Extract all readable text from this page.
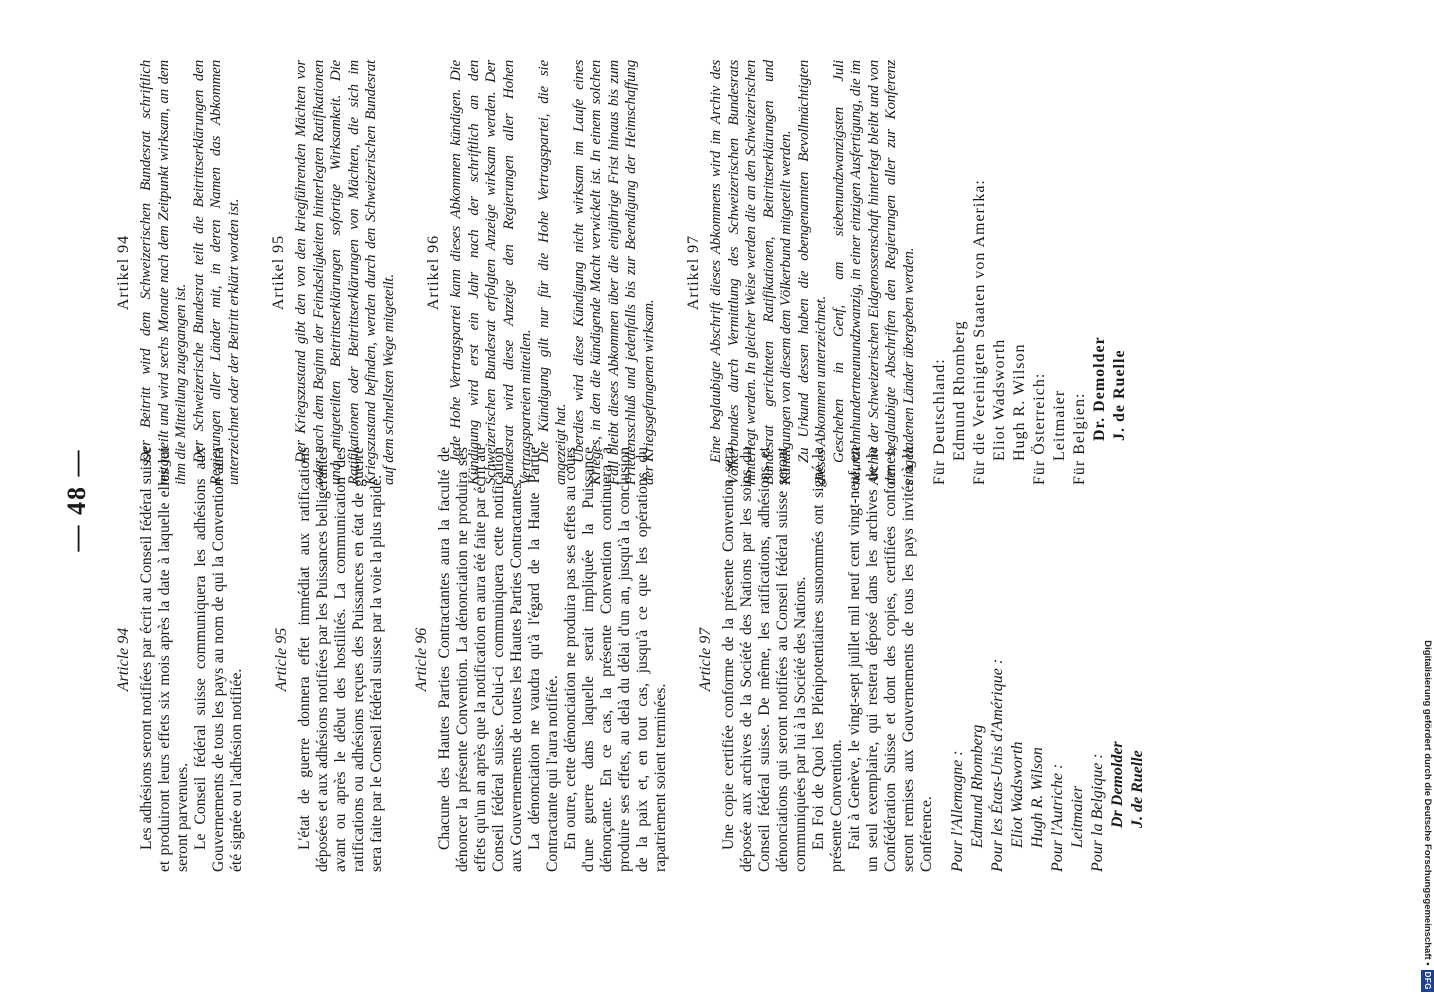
— 48 —
Article 94 Les adhésions seront notifiées par écrit au Conseil fédéral suisse et produiront leurs effets six mois après la date à laquelle elles lui seront parvenues. Le Conseil fédéral suisse communiquera les adhésions aux Gouvernements de tous les pays au nom de qui la Convention aura été signée ou l'adhésion notifiée.

Article 95 L'état de guerre donnera effet immédiat aux ratifications déposées et aux adhésions notifiées par les Puissances belligérantes avant ou après le début des hostilités. La communication des ratifications ou adhésions reçues des Puissances en état de guerre sera faite par le Conseil fédéral suisse par la voie la plus rapide. Article 96 Chacune des Hautes Parties Contractantes aura la faculté de dénoncer la présente Convention. La dénonciation ne produira ses effets qu'un an après que la notification en aura été faite par écrit au Conseil fédéral suisse. Celui-ci communiquera cette notification aux Gouvernements de toutes les Hautes Parties Contractantes. La dénonciation ne vaudra qu'à l'égard de la Haute Partie Contractante qui l'aura notifiée. En outre, cette dénonciation ne produira pas ses effets au cours d'une guerre dans laquelle serait impliquée la Puissance dénonçante. En ce cas, la présente Convention continuera à produire ses effets, au delà du délai d'un an, jusqu'à la conclusion de la paix et, en tout cas, jusqu'à ce que les opérations du rapatriement soient terminées.

Article 97 Une copie certifiée conforme de la présente Convention sera déposée aux archives de la Société des Nations par les soins du Conseil fédéral suisse. De même, les ratifications, adhésions et dénonciations qui seront notifiées au Conseil fédéral suisse seront communiquées par lui à la Société des Nations. En Foi de Quoi les Plénipotentiaires susnommés ont signé la présente Convention. Fait à Genève, le vingt-sept juillet mil neuf cent vingt-neuf, en un seul exemplaire, qui restera déposé dans les archives de la Confédération Suisse et dont des copies, certifiées conformes, seront remises aux Gouvernements de tous les pays invités à la Conférence. Pour l'Allemagne : Edmund Rhomberg Pour les États-Unis d'Amérique : Eliot Wadsworth Hugh R. Wilson Pour l'Autriche : Leitmaier Pour la Belgique : Dr Demolder J. de Ruelle
Artikel 94 Der Beitritt wird dem Schweizerischen Bundesrat schriftlich mitgeteilt und wird sechs Monate nach dem Zeitpunkt wirksam, an dem ihm die Mitteilung zugegangen ist. Der Schweizerische Bundesrat teilt die Beitrittserklärungen den Regierungen aller Länder mit, in deren Namen das Abkommen unterzeichnet oder der Beitritt erklärt worden ist. Artikel 95 Der Kriegszustand gibt den von den kriegführenden Mächten vor oder nach dem Beginn der Feindseligkeiten hinterlegten Ratifikationen und mitgeteilten Beitrittserklärungen sofortige Wirksamkeit. Die Ratifikationen oder Beitrittserklärungen von Mächten, die sich im Kriegszustand befinden, werden durch den Schweizerischen Bundesrat auf dem schnellsten Wege mitgeteilt.

Artikel 96 Jede Hohe Vertragspartei kann dieses Abkommen kündigen. Die Kündigung wird erst ein Jahr nach der schriftlich an den Schweizerischen Bundesrat erfolgten Anzeige wirksam werden. Der Bundesrat wird diese Anzeige den Regierungen aller Hohen Vertragsparteien mitteilen. Die Kündigung gilt nur für die Hohe Vertragspartei, die sie angezeigt hat. Überdies wird diese Kündigung nicht wirksam im Laufe eines Krieges, in den die kündigende Macht verwickelt ist. In einem solchen Fall bleibt dieses Abkommen über die einjährige Frist hinaus bis zum Friedensschluß und jedenfalls bis zur Beendigung der Heimschaffung der Kriegsgefangenen wirksam.

Artikel 97 Eine beglaubigte Abschrift dieses Abkommens wird im Archiv des Völkerbundes durch Vermittlung des Schweizerischen Bundesrats hinterlegt werden. In gleicher Weise werden die an den Schweizerischen Bundesrat gerichteten Ratifikationen, Beitrittserklärungen und Kündigungen von diesem dem Völkerbund mitgeteilt werden. Zu Urkund dessen haben die obengenannten Bevollmächtigten dieses Abkommen unterzeichnet. Geschehen in Genf, am siebenundzwanzigsten Juli neunzehnhundertneunundzwanzig, in einer einzigen Ausfertigung, die im Archiv der Schweizerischen Eidgenossenschaft hinterlegt bleibt und von der beglaubigte Abschriften den Regierungen aller zur Konferenz eingeladenen Länder übergeben werden. Für Deutschland: Edmund Rhomberg Für die Vereinigten Staaten von Amerika: Eliot Wadsworth Hugh R. Wilson Für Österreich: Leitmaier Für Belgien: Dr. Demolder J. de Ruelle
Digitalisierung gefördert durch die Deutsche Forschungsgemeinschaft •DFG
